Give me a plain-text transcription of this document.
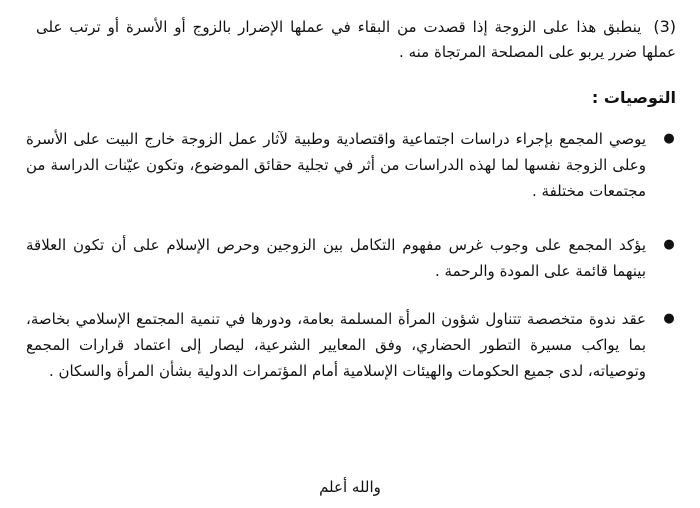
(3)ينطبق هذا على الزوجة إذا قصدت من البقاء في عملها الإضرار بالزوج أو الأسرة أو ترتب على عملها ضرر يربو على المصلحة المرتجاة منه .
التوصيات :
●
يوصي المجمع بإجراء دراسات اجتماعية واقتصادية وطبية لآثار عمل الزوجة خارج البيت على الأسرة وعلى الزوجة نفسها لما لهذه الدراسات من أثر في تجلية حقائق الموضوع، وتكون عيّنات الدراسة من مجتمعات مختلفة .
●
يؤكد المجمع على وجوب غرس مفهوم التكامل بين الزوجين وحرص الإسلام على أن تكون العلاقة بينهما قائمة على المودة والرحمة .
●
عقد ندوة متخصصة تتناول شؤون المرأة المسلمة بعامة، ودورها في تنمية المجتمع الإسلامي بخاصة، بما يواكب مسيرة التطور الحضاري، وفق المعايير الشرعية، ليصار إلى اعتماد قرارات المجمع وتوصياته، لدى جميع الحكومات والهيئات الإسلامية أمام المؤتمرات الدولية بشأن المرأة والسكان .
والله أعلم
